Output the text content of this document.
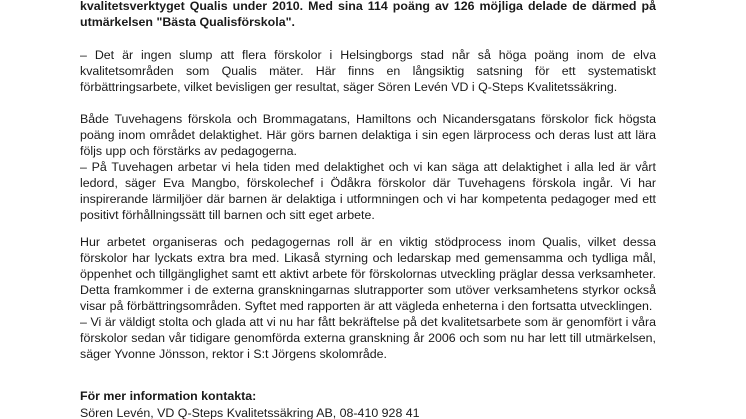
kvalitetsverktyget Qualis under 2010. Med sina 114 poäng av 126 möjliga delade de därmed på utmärkelsen "Bästa Qualisförskola".

– Det är ingen slump att flera förskolor i Helsingborgs stad når så höga poäng inom de elva kvalitetsområden som Qualis mäter. Här finns en långsiktig satsning för ett systematiskt förbättringsarbete, vilket bevisligen ger resultat, säger Sören Levén VD i Q-Steps Kvalitetssäkring.

Både Tuvehagens förskola och Brommagatans, Hamiltons och Nicandersgatans förskolor fick högsta poäng inom området delaktighet. Här görs barnen delaktiga i sin egen lärprocess och deras lust att lära följs upp och förstärks av pedagogerna.
– På Tuvehagen arbetar vi hela tiden med delaktighet och vi kan säga att delaktighet i alla led är vårt ledord, säger Eva Mangbo, förskolechef i Ödåkra förskolor där Tuvehagens förskola ingår. Vi har inspirerande lärmiljöer där barnen är delaktiga i utformningen och vi har kompetenta pedagoger med ett positivt förhållningssätt till barnen och sitt eget arbete.

Hur arbetet organiseras och pedagogernas roll är en viktig stödprocess inom Qualis, vilket dessa förskolor har lyckats extra bra med. Likaså styrning och ledarskap med gemensamma och tydliga mål, öppenhet och tillgänglighet samt ett aktivt arbete för förskolornas utveckling präglar dessa verksamheter. Detta framkommer i de externa granskningarnas slutrapporter som utöver verksamhetens styrkor också visar på förbättringsområden. Syftet med rapporten är att vägleda enheterna i den fortsatta utvecklingen.
– Vi är väldigt stolta och glada att vi nu har fått bekräftelse på det kvalitetsarbete som är genomfört i våra förskolor sedan vår tidigare genomförda externa granskning år 2006 och som nu har lett till utmärkelsen, säger Yvonne Jönsson, rektor i S:t Jörgens skolområde.

För mer information kontakta:

Sören Levén, VD Q-Steps Kvalitetssäkring AB, 08-410 928 41
